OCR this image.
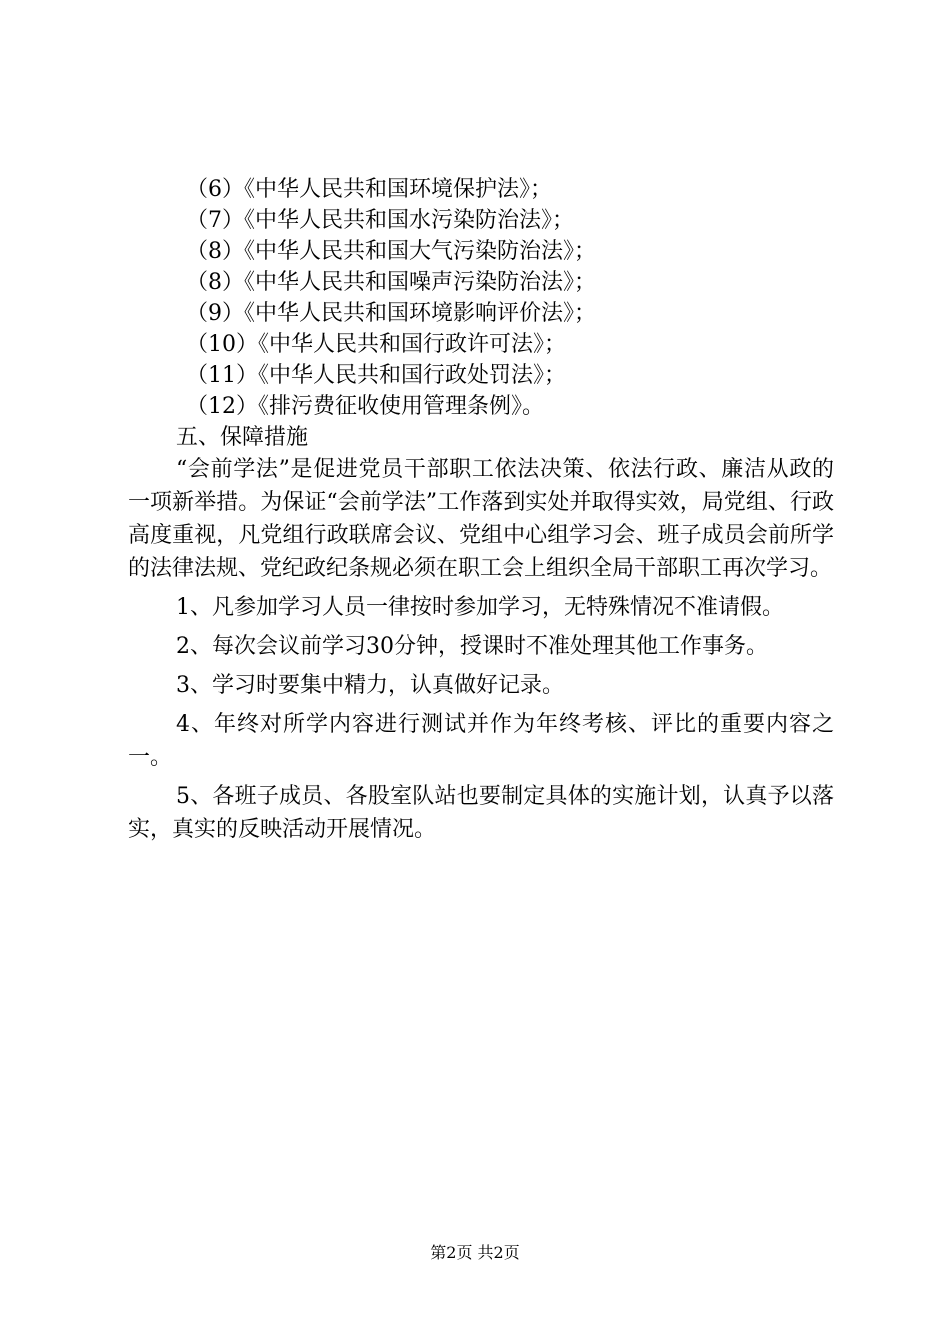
（6）《中华人民共和国环境保护法》；

（7）《中华人民共和国水污染防治法》；

（8）《中华人民共和国大气污染防治法》；

（8）《中华人民共和国噪声污染防治法》；

（9）《中华人民共和国环境影响评价法》；

（10）《中华人民共和国行政许可法》；

（11）《中华人民共和国行政处罚法》；

（12）《排污费征收使用管理条例》。

五、保障措施

“会前学法”是促进党员干部职工依法决策、依法行政、廉洁从政的一项新举措。为保证“会前学法”工作落到实处并取得实效，局党组、行政高度重视，凡党组行政联席会议、党组中心组学习会、班子成员会前所学的法律法规、党纪政纪条规必须在职工会上组织全局干部职工再次学习。

1、凡参加学习人员一律按时参加学习，无特殊情况不准请假。

2、每次会议前学习30分钟，授课时不准处理其他工作事务。

3、学习时要集中精力，认真做好记录。

4、年终对所学内容进行测试并作为年终考核、评比的重要内容之一。

5、各班子成员、各股室队站也要制定具体的实施计划，认真予以落实，真实的反映活动开展情况。

第2页 共2页
